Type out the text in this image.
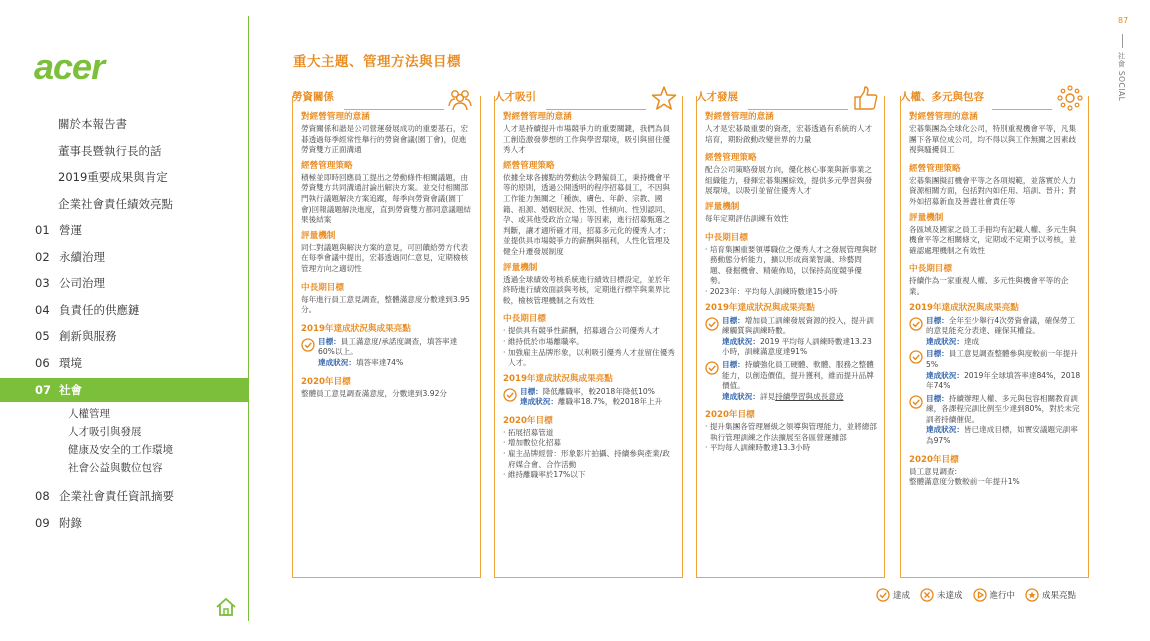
acer
關於本報告書
董事長暨執行長的話
2019重要成果與肯定
企業社會責任績效亮點
01 營運
02 永續治理
03 公司治理
04 負責任的供應鏈
05 創新與服務
06 環境
07 社會
人權管理
人才吸引與發展
健康及安全的工作環境
社會公益與數位包容
08 企業社會責任資訊摘要
09 附錄
87
社會 SOCIAL
重大主題、管理方法與目標
勞資關係
對經營管理的意涵
勞資關係和諧是公司營運發展成功的重要基石，宏碁透過每季經常性舉行的勞資會議(園丁會)，促進勞資雙方正面溝通
經營管理策略
積極並即時回應員工提出之勞動條件相關議題，由勞資雙方共同溝通討論出解決方案。並交付相關部門執行議題解決方案追蹤，每季向勞資會議(園丁會)回報議題解決進度，直到勞資雙方都同意議題結果後結案
評量機制
同仁對議題與解決方案的意見，可回饋給勞方代表在每季會議中提出，宏碁透過同仁意見，定期檢核管理方向之適切性
中長期目標
每年進行員工意見調查，整體滿意度分數達到3.95分。
2019年達成狀況與成果亮點
目標：員工滿意度/承諾度調查，填答率達60%以上。
達成狀況：填答率達74%
2020年目標
整體員工意見調查滿意度，分數達到3.92分
人才吸引
對經營管理的意涵
人才是持續提升市場競爭力的重要關鍵，我們為員工創造激發夢想的工作與學習環境，吸引與留住優秀人才
經營管理策略
依據全球各據點的勞動法令聘僱員工，秉持機會平等的原則，透過公開透明的程序招募員工，不因與工作能力無關之「種族、膚色、年齡、宗教、國籍、祖源、婚姻狀況、性別、性傾向、性別認同、孕、或其他受政治立場」等因素，進行招募甄選之判斷，讓才適所確才用，招募多元化的優秀人才；並提供具市場競爭力的薪酬與福利，人性化管理及健全升遷發展制度
評量機制
透過全球績效考核系統進行績效目標設定，並於年終時進行績效面談與考核，定期進行標竿與業界比較，檢核管理機制之有效性
中長期目標
· 提供具有競爭性薪酬，招募適合公司優秀人才
· 維持低於市場離職率。
· 加強雇主品牌形象，以利吸引優秀人才並留住優秀人才。
2019年達成狀況與成果亮點
目標：降低離職率，較2018年降低10%
達成狀況：離職率18.7%，較2018年上升
2020年目標
· 拓展招募管道
· 增加數位化招募
· 雇主品牌經營：形象影片拍攝、持續參與產業/政府媒合會、合作活動
· 維持離職率於17%以下
人才發展
對經營管理的意涵
人才是宏碁最重要的資產，宏碁透過有系統的人才培育，期盼啟動改變世界的力量
經營管理策略
配合公司策略發展方向，優化核心事業與新事業之組織能力，發揮宏碁集團綜效，提供多元學習與發展環境，以吸引並留住優秀人才
評量機制
每年定期評估訓練有效性
中長期目標
· 培育集團重要領導職位之優秀人才之發展管理與財務動態分析能力，擴以形成商業智識、珍藝問題、發掘機會、精確佈局，以保持高度競爭優勢。
· 2023年：平均每人訓練時數達15小時
2019年達成狀況與成果亮點
目標：增加員工訓練發展資源的投入，提升訓練觸質與訓練時數。
達成狀況：2019 平均每人訓練時數達13.23小時，訓練滿意度達91%
目標：持續強化員工硬體、軟體、服務之整體能力，以創造價值，提升獲利，維而提升品牌價值。
達成狀況：詳見持續學習與成長意迹
2020年目標
· 提升集團各管理層級之領導與管理能力，並將總部執行管理訓練之作法擴展至各區營運據部
· 平均每人訓練時數達13.3小時
人權、多元與包容
對經營管理的意涵
宏碁集團為全球化公司，特別重視機會平等，凡集團下各單位成公司，均不得以與工作無關之因素歧視與騷擾員工
經營管理策略
宏碁集團擬訂機會平等之各項規範，並落實於人力資源相關方面，包括對內如任用、培訓、晉升；對外如招募新血及善盡社會責任等
評量機制
各區域及國家之員工手冊均有記載人權、多元生與機會平等之相關條文，定期或不定期予以考核，並確認處理機制之有效性
中長期目標
持續作為一家重視人權、多元性與機會平等的企業。
2019年達成狀況與成果亮點
目標：全年至少舉行4次勞資會議，確保勞工的意見能充分表達、確保其權益。
達成狀況：達成
目標：員工意見調查整體參與度較前一年提升5%
達成狀況：2019年全球填答率達84%，2018年74%
目標：持續辦理人權、多元與包容相關教育訓練，各課程完訓比例至少達到80%，對於未完訓者持續催促。
達成狀況：皆已達成目標，如實安議題完訓率為97%
2020年目標
員工意見調查:
整體滿意度分數較前一年提升1%
達成	未達成	進行中	成果亮點
